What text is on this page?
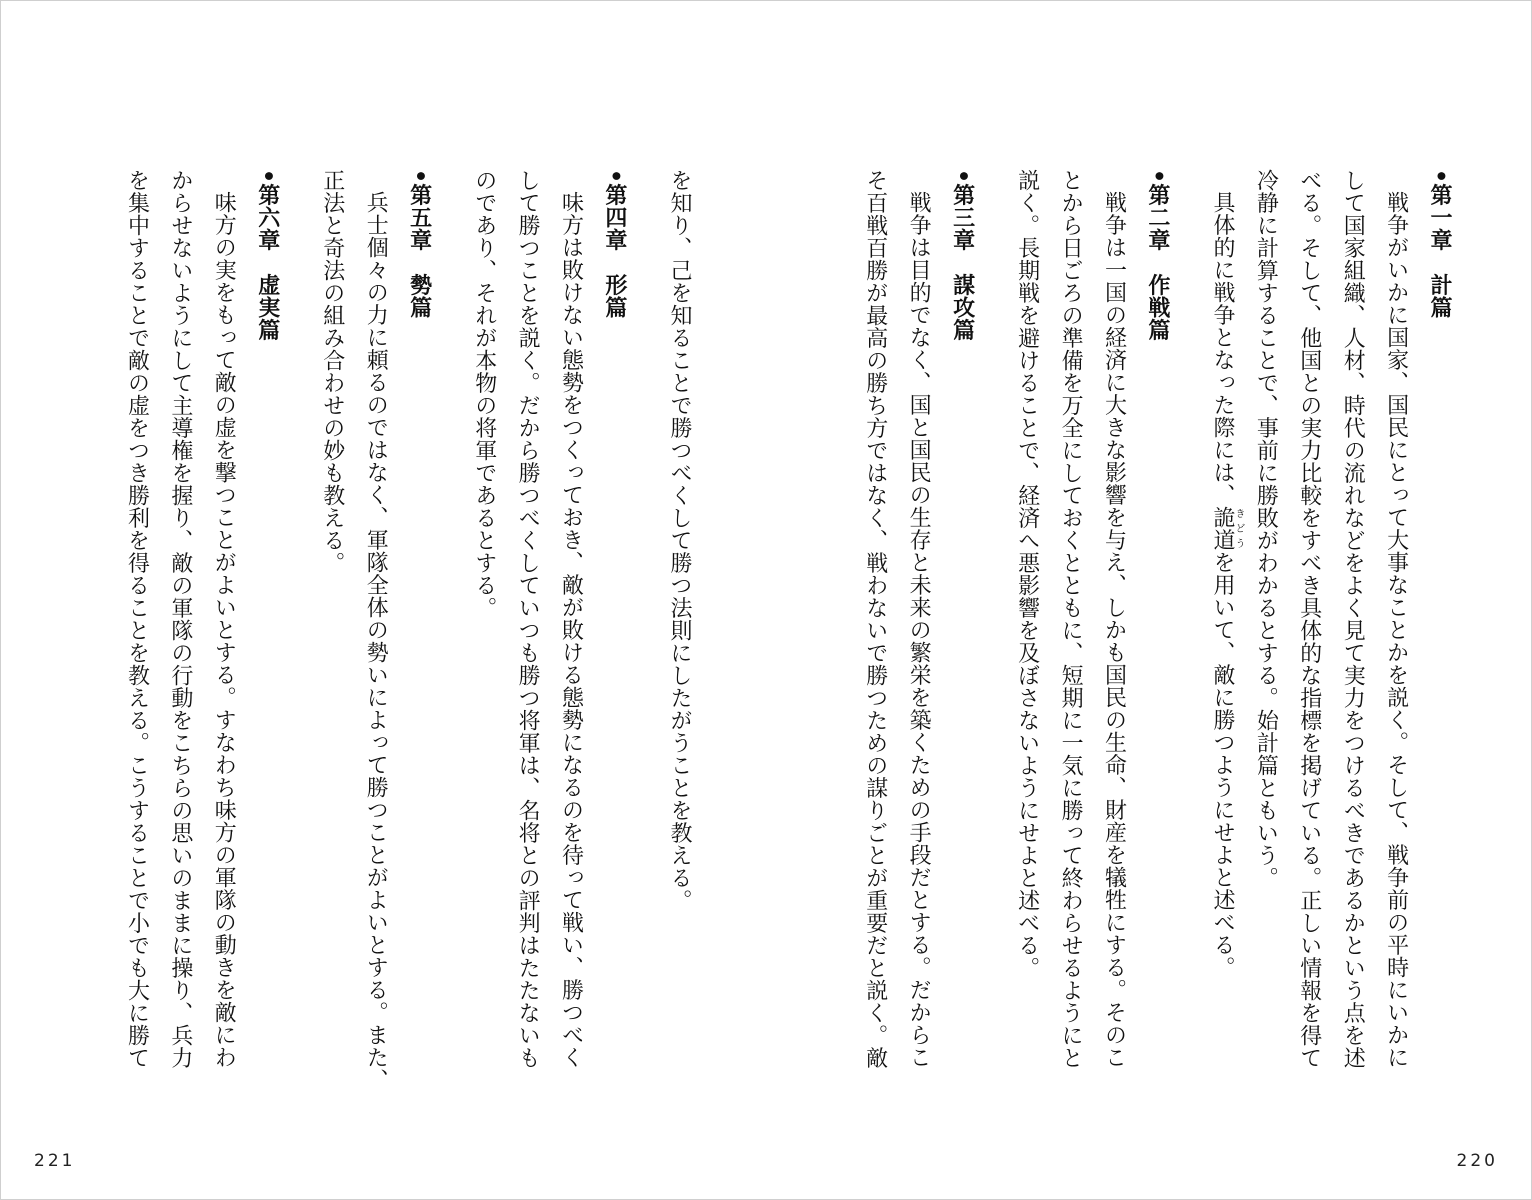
•第一章　計篇
戦争がいかに国家、国民にとって大事なことかを説く。そして、戦争前の平時にいかに
して国家組織、人材、時代の流れなどをよく見て実力をつけるべきであるかという点を述
べる。そして、他国との実力比較をすべき具体的な指標を掲げている。正しい情報を得て
冷静に計算することで、事前に勝敗がわかるとする。始計篇ともいう。
具体的に戦争となった際には、詭道きどうを用いて、敵に勝つようにせよと述べる。
•第二章　作戦篇
戦争は一国の経済に大きな影響を与え、しかも国民の生命、財産を犠牲にする。そのこ
とから日ごろの準備を万全にしておくとともに、短期に一気に勝って終わらせるようにと
説く。長期戦を避けることで、経済へ悪影響を及ぼさないようにせよと述べる。
•第三章　謀攻篇
戦争は目的でなく、国と国民の生存と未来の繁栄を築くための手段だとする。だからこ
そ百戦百勝が最高の勝ち方ではなく、戦わないで勝つための謀りごとが重要だと説く。敵
を知り、己を知ることで勝つべくして勝つ法則にしたがうことを教える。
•第四章　形篇
味方は敗けない態勢をつくっておき、敵が敗ける態勢になるのを待って戦い、勝つべく
して勝つことを説く。だから勝つべくしていつも勝つ将軍は、名将との評判はたたないも
のであり、それが本物の将軍であるとする。
•第五章　勢篇
兵士個々の力に頼るのではなく、軍隊全体の勢いによって勝つことがよいとする。また、
正法と奇法の組み合わせの妙も教える。
•第六章　虚実篇
味方の実をもって敵の虚を撃つことがよいとする。すなわち味方の軍隊の動きを敵にわ
からせないようにして主導権を握り、敵の軍隊の行動をこちらの思いのままに操り、兵力
を集中することで敵の虚をつき勝利を得ることを教える。こうすることで小でも大に勝て
221	220
